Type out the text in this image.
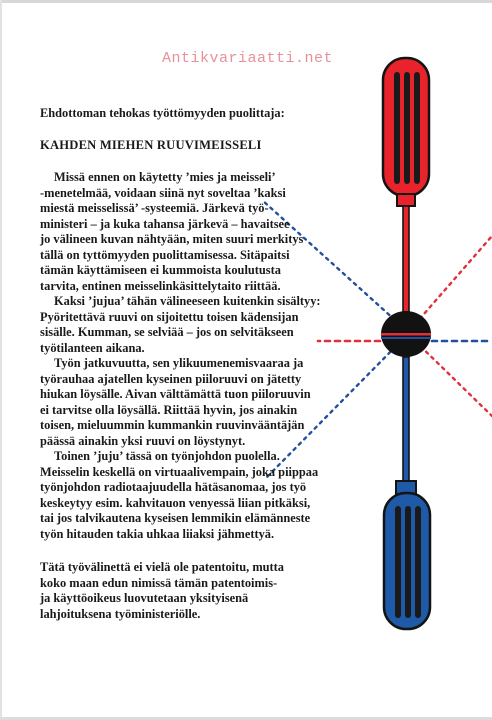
Antikvariaatti.net

Ehdottoman tehokas työttömyyden puolittaja:

KAHDEN MIEHEN RUUVIMEISSELI

Missä ennen on käytetty ’mies ja meisseli’
-menetelmää, voidaan siinä nyt soveltaa ’kaksi
miestä meisselissä’ -systeemiä. Järkevä työ-
ministeri – ja kuka tahansa järkevä – havaitsee
jo välineen kuvan nähtyään, miten suuri merkitys
tällä on tyttömyyden puolittamisessa. Sitäpaitsi
tämän käyttämiseen ei kummoista koulutusta
tarvita, entinen meisselinkäsittelytaito riittää.

Kaksi ’jujua’ tähän välineeseen kuitenkin sisältyy:
Pyöritettävä ruuvi on sijoitettu toisen kädensijan
sisälle. Kumman, se selviää – jos on selvitäkseen
työtilanteen aikana.

Työn jatkuvuutta, sen ylikuumenemisvaaraa ja
työrauhaa ajatellen kyseinen piiloruuvi on jätetty
hiukan löysälle. Aivan välttämättä tuon piiloruuvin
ei tarvitse olla löysällä. Riittää hyvin, jos ainakin
toisen, mieluummin kummankin ruuvinvääntäjän
päässä ainakin yksi ruuvi on löystynyt.

Toinen ’juju’ tässä on työnjohdon puolella.
Meisselin keskellä on virtuaalivempain, joka piippaa
työnjohdon radiotaajuudella hätäsanomaa, jos työ
keskeytyy esim. kahvitauon venyessä liian pitkäksi,
tai jos talvikautena kyseisen lemmikin elämänneste
työn hitauden takia uhkaa liiaksi jähmettyä.

Tätä työvälinettä ei vielä ole patentoitu, mutta
koko maan edun nimissä tämän patentoimis-
ja käyttöoikeus luovutetaan yksityisenä
lahjoituksena työministeriölle.
